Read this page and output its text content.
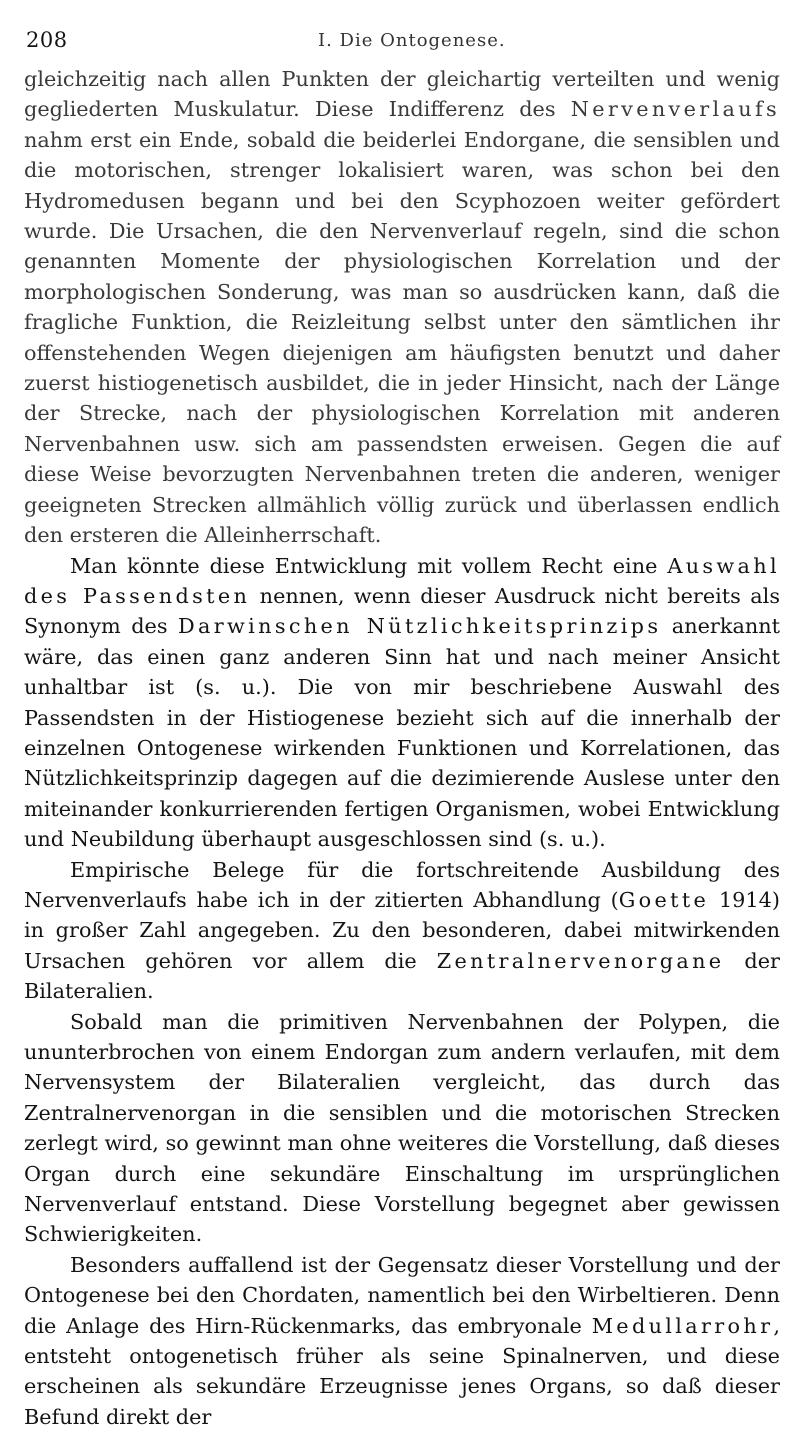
208	I. Die Ontogenese.

gleichzeitig nach allen Punkten der gleichartig verteilten und wenig gegliederten Muskulatur. Diese Indifferenz des Nervenverlaufs nahm erst ein Ende, sobald die beiderlei Endorgane, die sensiblen und die motorischen, strenger lokalisiert waren, was schon bei den Hydromedusen begann und bei den Scyphozoen weiter gefördert wurde. Die Ursachen, die den Nervenverlauf regeln, sind die schon genannten Momente der physiologischen Korrelation und der morphologischen Sonderung, was man so ausdrücken kann, daß die fragliche Funktion, die Reizleitung selbst unter den sämtlichen ihr offenstehenden Wegen diejenigen am häufigsten benutzt und daher zuerst histiogenetisch ausbildet, die in jeder Hinsicht, nach der Länge der Strecke, nach der physiologischen Korrelation mit anderen Nervenbahnen usw. sich am passendsten erweisen. Gegen die auf diese Weise bevorzugten Nervenbahnen treten die anderen, weniger geeigneten Strecken allmählich völlig zurück und überlassen endlich den ersteren die Alleinherrschaft.

Man könnte diese Entwicklung mit vollem Recht eine Auswahl des Passendsten nennen, wenn dieser Ausdruck nicht bereits als Synonym des Darwinschen Nützlichkeitsprinzips anerkannt wäre, das einen ganz anderen Sinn hat und nach meiner Ansicht unhaltbar ist (s. u.). Die von mir beschriebene Auswahl des Passendsten in der Histiogenese bezieht sich auf die innerhalb der einzelnen Ontogenese wirkenden Funktionen und Korrelationen, das Nützlichkeitsprinzip dagegen auf die dezimierende Auslese unter den miteinander konkurrierenden fertigen Organismen, wobei Entwicklung und Neubildung überhaupt ausgeschlossen sind (s. u.).

Empirische Belege für die fortschreitende Ausbildung des Nervenverlaufs habe ich in der zitierten Abhandlung (Goette 1914) in großer Zahl angegeben. Zu den besonderen, dabei mitwirkenden Ursachen gehören vor allem die Zentralnervenorgane der Bilateralien.

Sobald man die primitiven Nervenbahnen der Polypen, die ununterbrochen von einem Endorgan zum andern verlaufen, mit dem Nervensystem der Bilateralien vergleicht, das durch das Zentralnervenorgan in die sensiblen und die motorischen Strecken zerlegt wird, so gewinnt man ohne weiteres die Vorstellung, daß dieses Organ durch eine sekundäre Einschaltung im ursprünglichen Nervenverlauf entstand. Diese Vorstellung begegnet aber gewissen Schwierigkeiten.

Besonders auffallend ist der Gegensatz dieser Vorstellung und der Ontogenese bei den Chordaten, namentlich bei den Wirbeltieren. Denn die Anlage des Hirn-Rückenmarks, das embryonale Medullarrohr, entsteht ontogenetisch früher als seine Spinalnerven, und diese erscheinen als sekundäre Erzeugnisse jenes Organs, so daß dieser Befund direkt der
